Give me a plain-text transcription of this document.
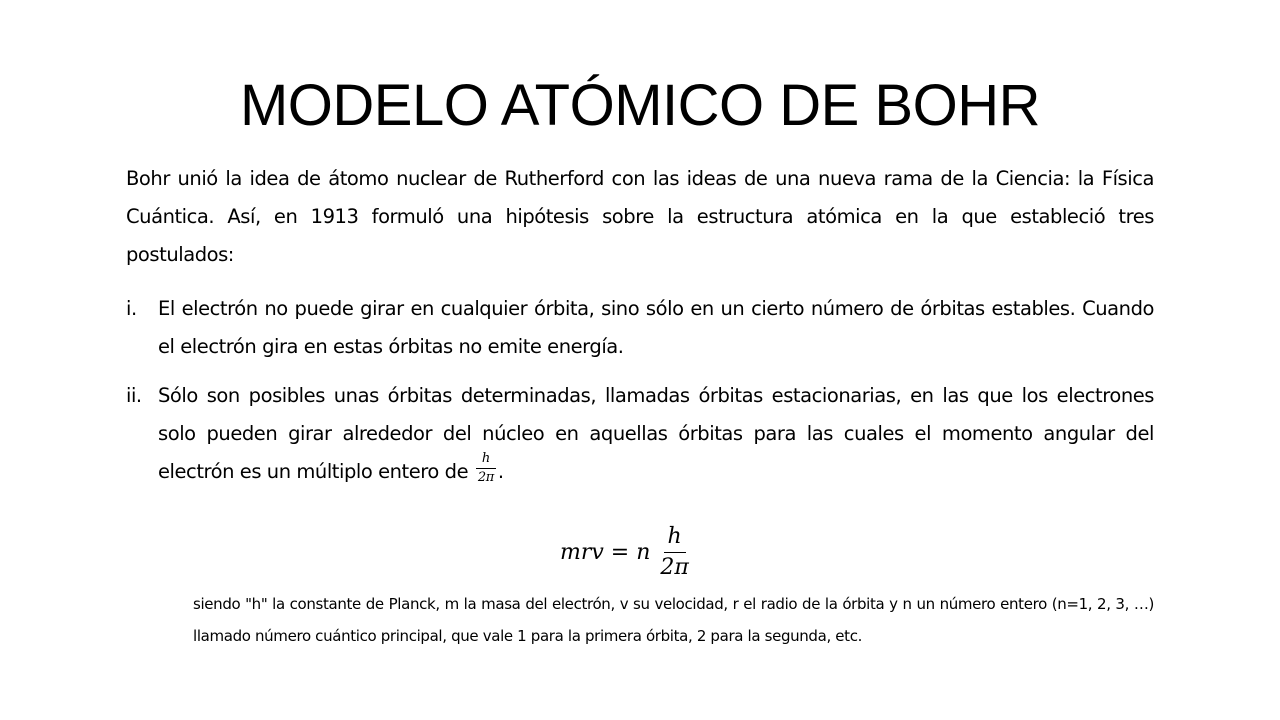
MODELO ATÓMICO DE BOHR
Bohr unió la idea de átomo nuclear de Rutherford con las ideas de una nueva rama de la Ciencia: la Física Cuántica. Así, en 1913 formuló una hipótesis sobre la estructura atómica en la que estableció tres postulados:
i.	El electrón no puede girar en cualquier órbita, sino sólo en un cierto número de órbitas estables. Cuando el electrón gira en estas órbitas no emite energía.
ii. Sólo son posibles unas órbitas determinadas, llamadas órbitas estacionarias, en las que los electrones solo pueden girar alrededor del núcleo en aquellas órbitas para las cuales el momento angular del electrón es un múltiplo entero de $\frac{h}{2\pi}$ .
mrv = n $\frac{h}{2\pi}$
siendo "h" la constante de Planck, m la masa del electrón, v su velocidad, r el radio de la órbita y n un número entero (n=1, 2, 3, …) llamado número cuántico principal, que vale 1 para la primera órbita, 2 para la segunda, etc.
